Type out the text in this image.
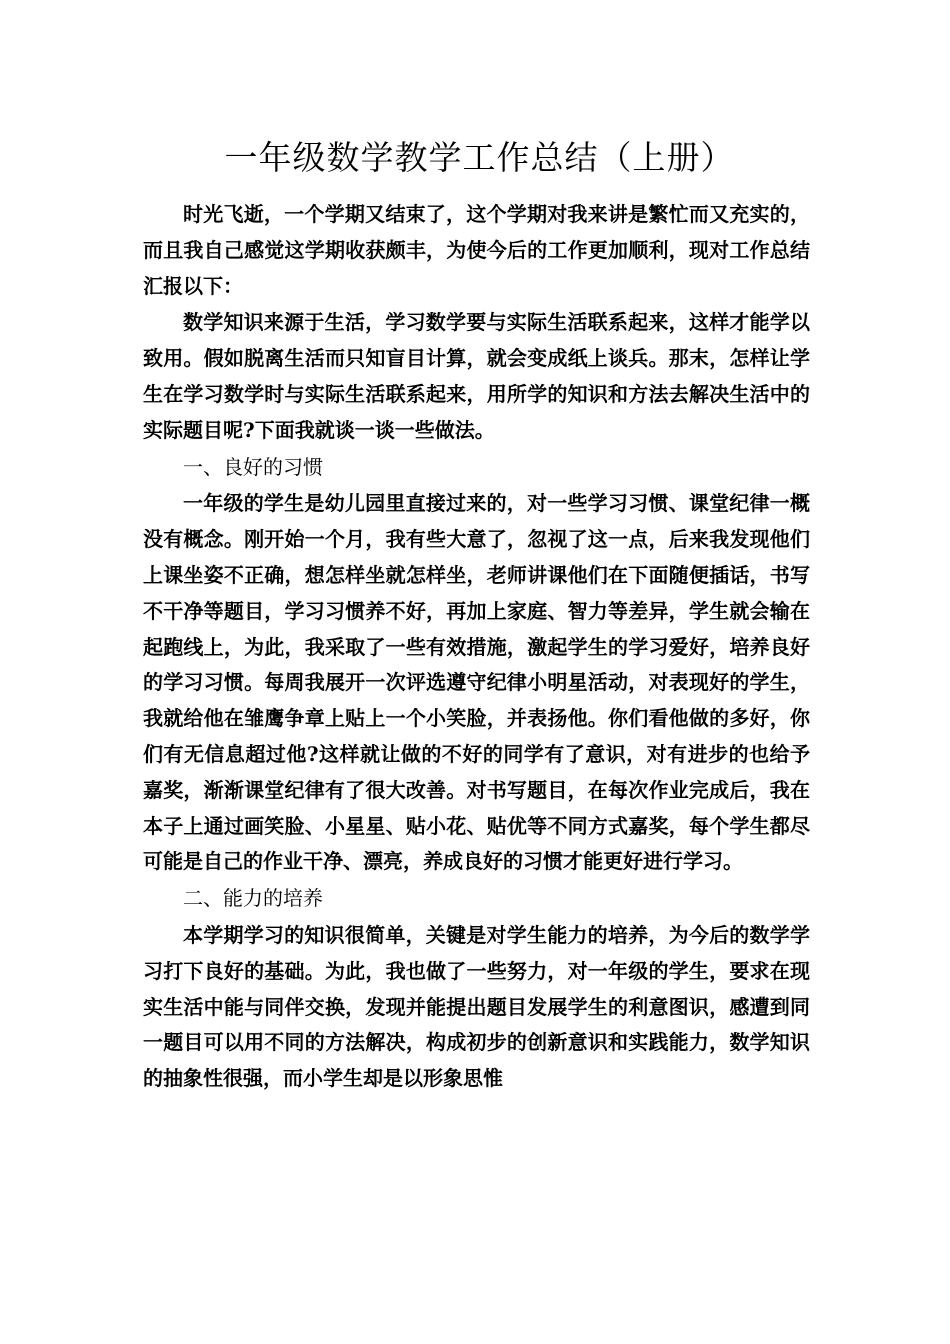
一年级数学教学工作总结（上册）

时光飞逝，一个学期又结束了，这个学期对我来讲是繁忙而又充实的，而且我自己感觉这学期收获颇丰，为使今后的工作更加顺利，现对工作总结汇报以下：

数学知识来源于生活，学习数学要与实际生活联系起来，这样才能学以致用。假如脱离生活而只知盲目计算，就会变成纸上谈兵。那末，怎样让学生在学习数学时与实际生活联系起来，用所学的知识和方法去解决生活中的实际题目呢?下面我就谈一谈一些做法。

一、良好的习惯

一年级的学生是幼儿园里直接过来的，对一些学习习惯、课堂纪律一概没有概念。刚开始一个月，我有些大意了，忽视了这一点，后来我发现他们上课坐姿不正确，想怎样坐就怎样坐，老师讲课他们在下面随便插话，书写不干净等题目，学习习惯养不好，再加上家庭、智力等差异，学生就会输在起跑线上，为此，我采取了一些有效措施，激起学生的学习爱好，培养良好的学习习惯。每周我展开一次评选遵守纪律小明星活动，对表现好的学生，我就给他在雏鹰争章上贴上一个小笑脸，并表扬他。你们看他做的多好，你们有无信息超过他?这样就让做的不好的同学有了意识，对有进步的也给予嘉奖，渐渐课堂纪律有了很大改善。对书写题目，在每次作业完成后，我在本子上通过画笑脸、小星星、贴小花、贴优等不同方式嘉奖，每个学生都尽可能是自己的作业干净、漂亮，养成良好的习惯才能更好进行学习。

二、能力的培养

本学期学习的知识很简单，关键是对学生能力的培养，为今后的数学学习打下良好的基础。为此，我也做了一些努力，对一年级的学生，要求在现实生活中能与同伴交换，发现并能提出题目发展学生的利意图识，感遭到同一题目可以用不同的方法解决，构成初步的创新意识和实践能力，数学知识的抽象性很强，而小学生却是以形象思惟
